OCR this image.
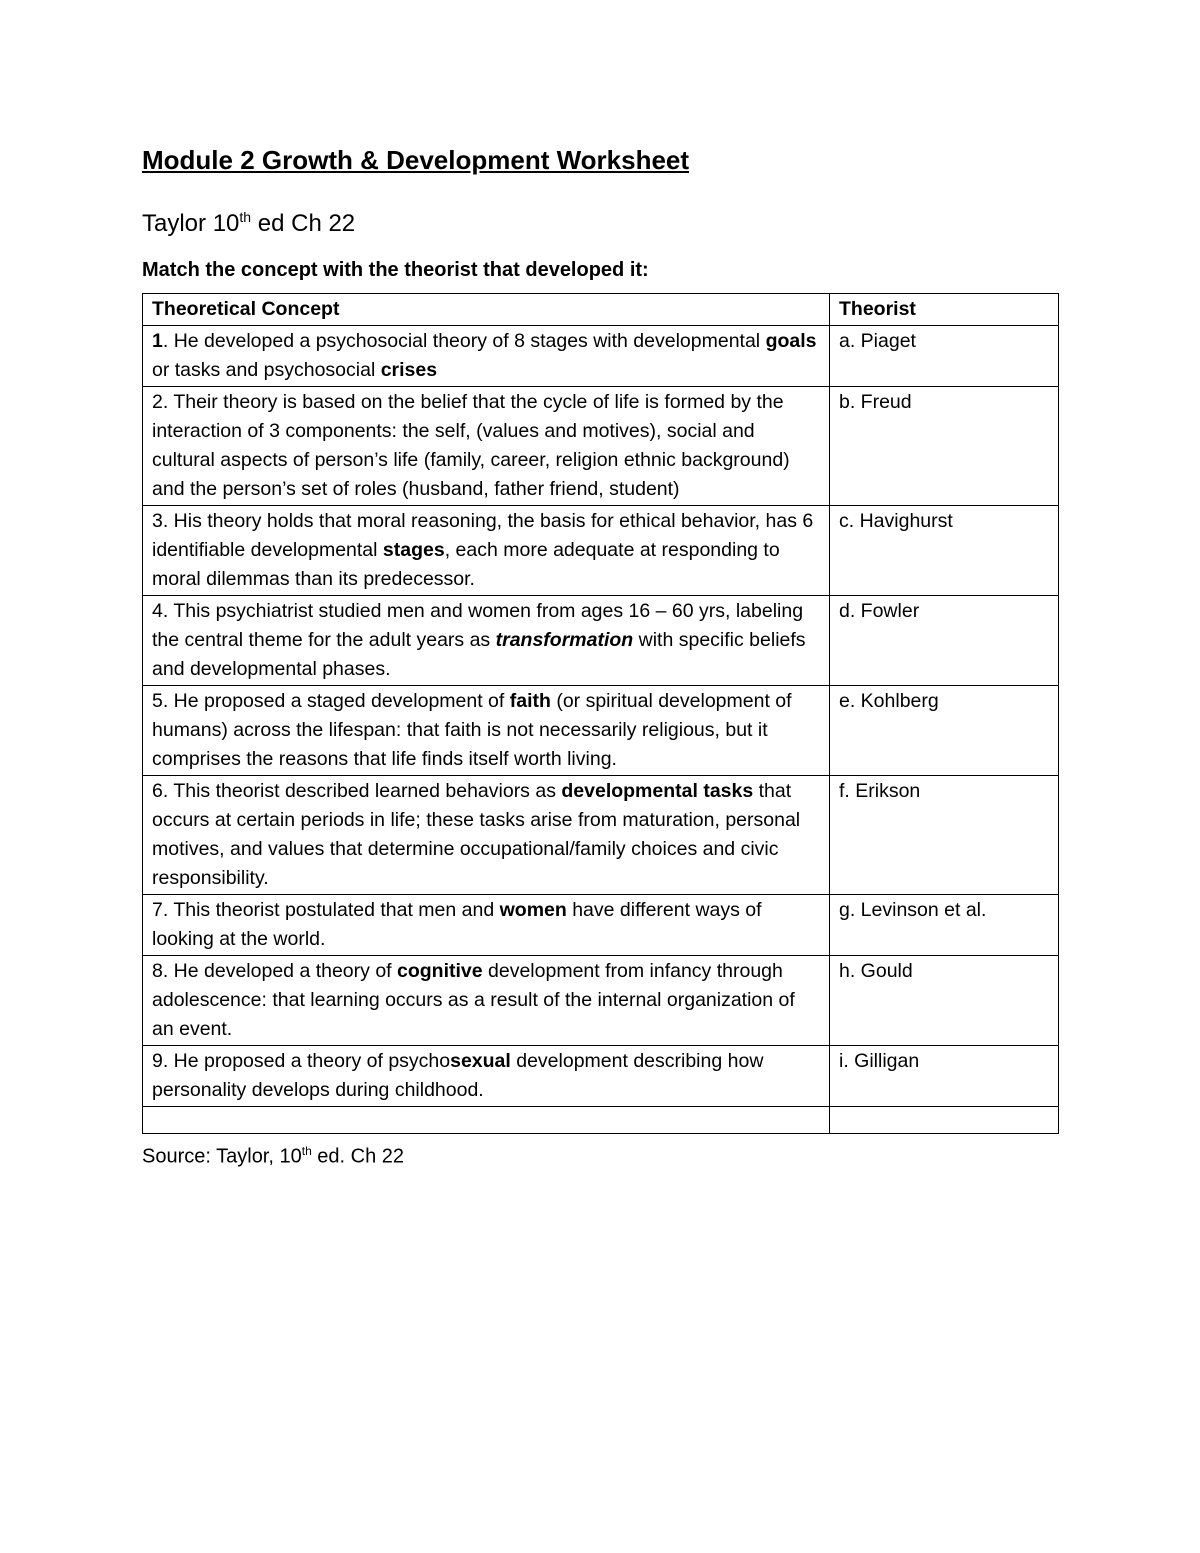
Module 2 Growth & Development Worksheet
Taylor 10th ed Ch 22
Match the concept with the theorist that developed it:
Theoretical Concept	Theorist
1. He developed a psychosocial theory of 8 stages with developmental goals or tasks and psychosocial crises	a. Piaget
2. Their theory is based on the belief that the cycle of life is formed by the interaction of 3 components: the self, (values and motives), social and cultural aspects of person’s life (family, career, religion ethnic background) and the person’s set of roles (husband, father friend, student)	b. Freud
3. His theory holds that moral reasoning, the basis for ethical behavior, has 6 identifiable developmental stages, each more adequate at responding to moral dilemmas than its predecessor.	c. Havighurst
4. This psychiatrist studied men and women from ages 16 – 60 yrs, labeling the central theme for the adult years as transformation with specific beliefs and developmental phases.	d. Fowler
5. He proposed a staged development of faith (or spiritual development of humans) across the lifespan: that faith is not necessarily religious, but it comprises the reasons that life finds itself worth living.	e. Kohlberg
6. This theorist described learned behaviors as developmental tasks that occurs at certain periods in life; these tasks arise from maturation, personal motives, and values that determine occupational/family choices and civic responsibility.	f. Erikson
7. This theorist postulated that men and women have different ways of looking at the world.	g. Levinson et al.
8. He developed a theory of cognitive development from infancy through adolescence: that learning occurs as a result of the internal organization of an event.	h. Gould
9. He proposed a theory of psychosexual development describing how personality develops during childhood.	i. Gilligan

Source: Taylor, 10th ed. Ch 22
